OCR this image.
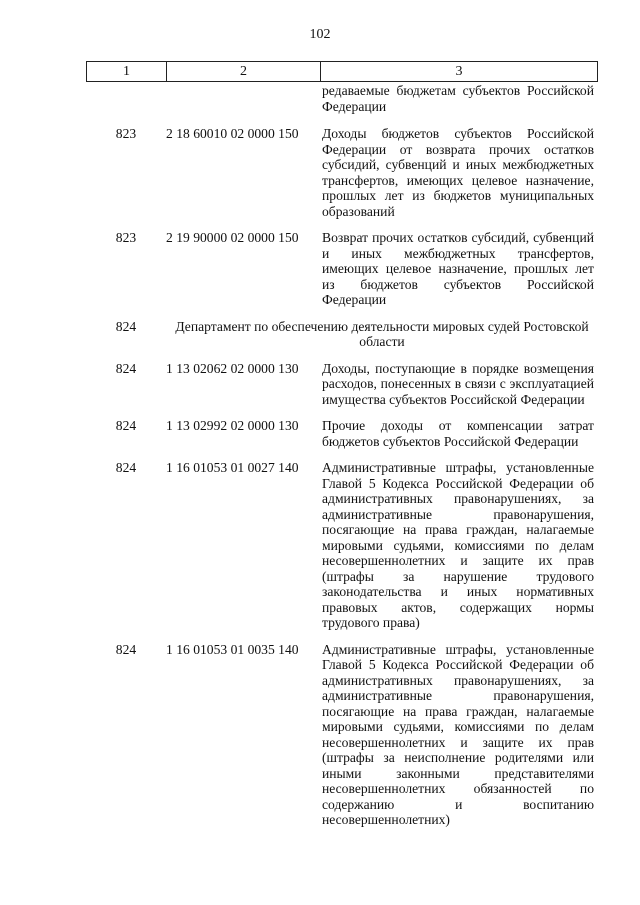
102
1	2	3
редаваемые бюджетам субъектов Российской Федерации
823	2 18 60010 02 0000 150	Доходы бюджетов субъектов Российской Федерации от возврата прочих остатков субсидий, субвенций и иных межбюджетных трансфертов, имеющих целевое назначение, прошлых лет из бюджетов муниципальных образований
823	2 19 90000 02 0000 150	Возврат прочих остатков субсидий, субвенций и иных межбюджетных трансфертов, имеющих целевое назначение, прошлых лет из бюджетов субъектов Российской Федерации
824	Департамент по обеспечению деятельности мировых судей Ростовской области
824	1 13 02062 02 0000 130	Доходы, поступающие в порядке возмещения расходов, понесенных в связи с эксплуатацией имущества субъектов Российской Федерации
824	1 13 02992 02 0000 130	Прочие доходы от компенсации затрат бюджетов субъектов Российской Федерации
824	1 16 01053 01 0027 140	Административные штрафы, установленные Главой 5 Кодекса Российской Федерации об административных правонарушениях, за административные правонарушения, посягающие на права граждан, налагаемые мировыми судьями, комиссиями по делам несовершеннолетних и защите их прав (штрафы за нарушение трудового законодательства и иных нормативных правовых актов, содержащих нормы трудового права)
824	1 16 01053 01 0035 140	Административные штрафы, установленные Главой 5 Кодекса Российской Федерации об административных правонарушениях, за административные правонарушения, посягающие на права граждан, налагаемые мировыми судьями, комиссиями по делам несовершеннолетних и защите их прав (штрафы за неисполнение родителями или иными законными представителями несовершеннолетних обязанностей по содержанию и воспитанию несовершеннолетних)
